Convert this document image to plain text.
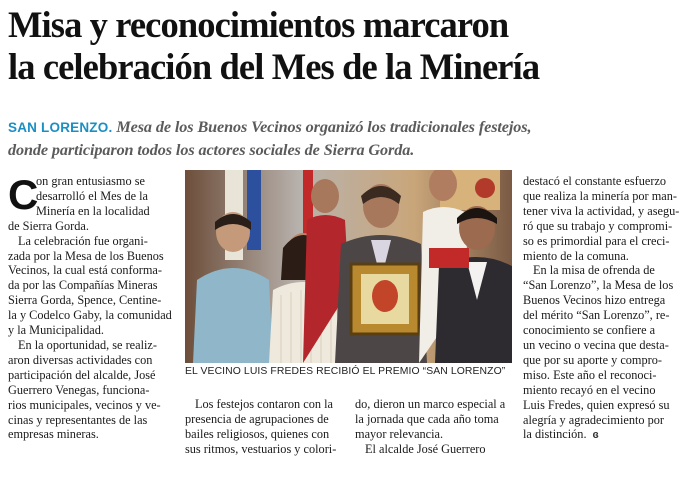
Misa y reconocimientos marcaron
la celebración del Mes de la Minería
SAN LORENZO. Mesa de los Buenos Vecinos organizó los tradicionales festejos,
donde participaron todos los actores sociales de Sierra Gorda.
C
on gran entusiasmo se
desarrolló el Mes de la
Minería en la localidad
de Sierra Gorda.
La celebración fue organi-
zada por la Mesa de los Buenos
Vecinos, la cual está conforma-
da por las Compañías Mineras
Sierra Gorda, Spence, Centine-
la y Codelco Gaby, la comunidad
y la Municipalidad.
En la oportunidad, se realiz-
aron diversas actividades con
participación del alcalde, José
Guerrero Venegas, funciona-
rios municipales, vecinos y ve-
cinas y representantes de las
empresas mineras.
EL VECINO LUIS FREDES RECIBIÓ EL PREMIO “SAN LORENZO”
Los festejos contaron con la
presencia de agrupaciones de
bailes religiosos, quienes con
sus ritmos, vestuarios y colori-
do, dieron un marco especial a
la jornada que cada año toma
mayor relevancia.
El alcalde José Guerrero
destacó el constante esfuerzo
que realiza la minería por man-
tener viva la actividad, y asegu-
ró que su trabajo y compromi-
so es primordial para el creci-
miento de la comuna.
En la misa de ofrenda de
“San Lorenzo”, la Mesa de los
Buenos Vecinos hizo entrega
del mérito “San Lorenzo”, re-
conocimiento se confiere a
un vecino o vecina que desta-
que por su aporte y compro-
miso. Este año el reconoci-
miento recayó en el vecino
Luis Fredes, quien expresó su
alegría y agradecimiento por
la distinción. ɞ
